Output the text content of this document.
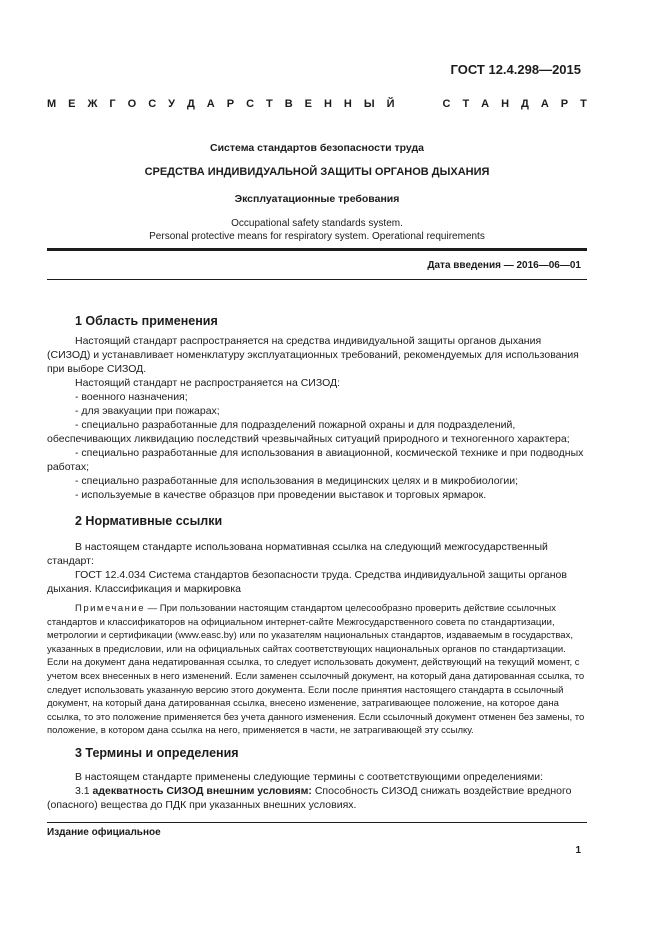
ГОСТ 12.4.298—2015
М Е Ж Г О С У Д А Р С Т В Е Н Н Ы Й	С Т А Н Д А Р Т
Система стандартов безопасности труда
СРЕДСТВА ИНДИВИДУАЛЬНОЙ ЗАЩИТЫ ОРГАНОВ ДЫХАНИЯ
Эксплуатационные требования
Occupational safety standards system.
Personal protective means for respiratory system. Operational requirements
Дата введения — 2016—06—01
1 Область применения
Настоящий стандарт распространяется на средства индивидуальной защиты органов дыхания (СИЗОД) и устанавливает номенклатуру эксплуатационных требований, рекомендуемых для использования при выборе СИЗОД.
Настоящий стандарт не распространяется на СИЗОД:
- военного назначения;
- для эвакуации при пожарах;
- специально разработанные для подразделений пожарной охраны и для подразделений, обеспечивающих ликвидацию последствий чрезвычайных ситуаций природного и техногенного характера;
- специально разработанные для использования в авиационной, космической технике и при подводных работах;
- специально разработанные для использования в медицинских целях и в микробиологии;
- используемые в качестве образцов при проведении выставок и торговых ярмарок.
2 Нормативные ссылки
В настоящем стандарте использована нормативная ссылка на следующий межгосударственный стандарт:
ГОСТ 12.4.034 Система стандартов безопасности труда. Средства индивидуальной защиты органов дыхания. Классификация и маркировка
Примечание — При пользовании настоящим стандартом целесообразно проверить действие ссылочных стандартов и классификаторов на официальном интернет-сайте Межгосударственного совета по стандартизации, метрологии и сертификации (www.easc.by) или по указателям национальных стандартов, издаваемым в государствах, указанных в предисловии, или на официальных сайтах соответствующих национальных органов по стандартизации. Если на документ дана недатированная ссылка, то следует использовать документ, действующий на текущий момент, с учетом всех внесенных в него изменений. Если заменен ссылочный документ, на который дана датированная ссылка, то следует использовать указанную версию этого документа. Если после принятия настоящего стандарта в ссылочный документ, на который дана датированная ссылка, внесено изменение, затрагивающее положение, на которое дана ссылка, то это положение применяется без учета данного изменения. Если ссылочный документ отменен без замены, то положение, в котором дана ссылка на него, применяется в части, не затрагивающей эту ссылку.
3 Термины и определения
В настоящем стандарте применены следующие термины с соответствующими определениями:
3.1 адекватность СИЗОД внешним условиям: Способность СИЗОД снижать воздействие вредного (опасного) вещества до ПДК при указанных внешних условиях.
Издание официальное
1
